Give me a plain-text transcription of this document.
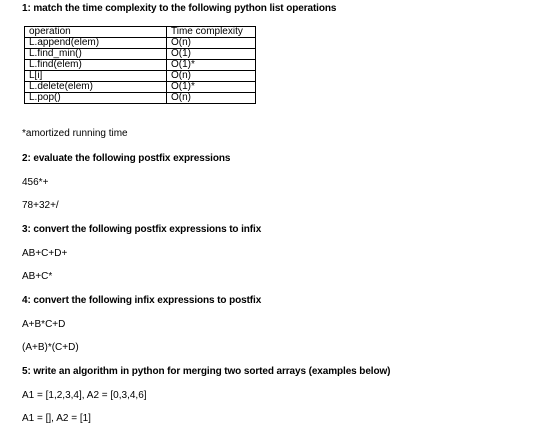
1: match the time complexity to the following python list operations
operation	Time complexity
L.append(elem)	O(n)
L.find_min()	O(1)
L.find(elem)	O(1)*
L[i]	O(n)
L.delete(elem)	O(1)*
L.pop()	O(n)
*amortized running time
2: evaluate the following postfix expressions
456*+
78+32+/
3: convert the following postfix expressions to infix
AB+C+D+
AB+C*
4: convert the following infix expressions to postfix
A+B*C+D
(A+B)*(C+D)
5: write an algorithm in python for merging two sorted arrays (examples below)
A1 = [1,2,3,4], A2 = [0,3,4,6]
A1 = [], A2 = [1]
